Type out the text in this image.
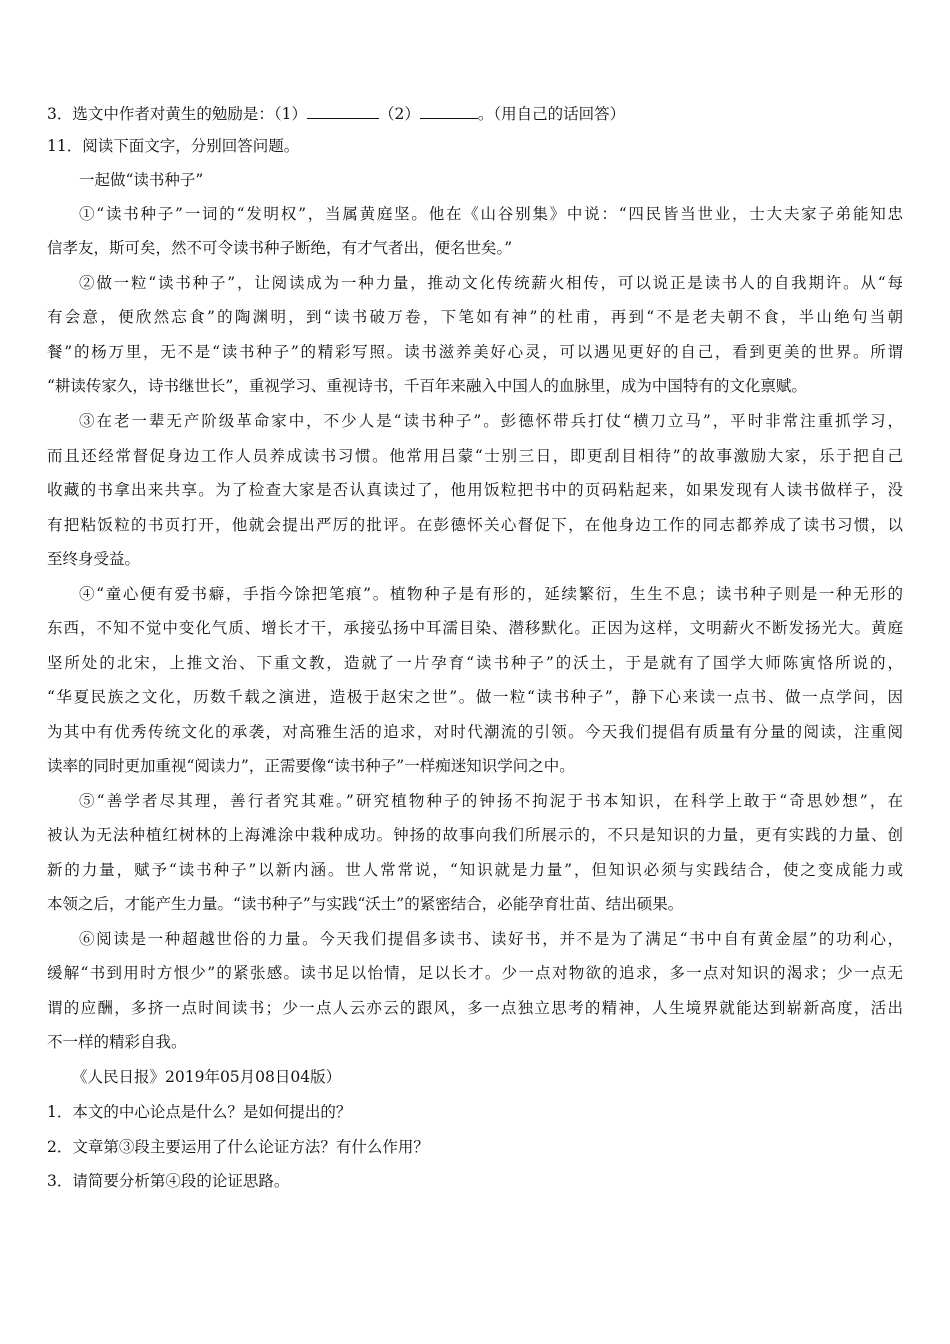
3．选文中作者对黄生的勉励是：（1）	（2）	。（用自己的话回答）
11．阅读下面文字，分别回答问题。
一起做“读书种子”
①“读书种子”一词的“发明权”，当属黄庭坚。他在《山谷别集》中说：“四民皆当世业，士大夫家子弟能知忠
信孝友，斯可矣，然不可令读书种子断绝，有才气者出，便名世矣。”
②做一粒“读书种子”，让阅读成为一种力量，推动文化传统薪火相传，可以说正是读书人的自我期许。从“每
有会意，便欣然忘食”的陶渊明，到“读书破万卷，下笔如有神”的杜甫，再到“不是老夫朝不食，半山绝句当朝
餐”的杨万里，无不是“读书种子”的精彩写照。读书滋养美好心灵，可以遇见更好的自己，看到更美的世界。所谓
“耕读传家久，诗书继世长”，重视学习、重视诗书，千百年来融入中国人的血脉里，成为中国特有的文化禀赋。
③在老一辈无产阶级革命家中，不少人是“读书种子”。彭德怀带兵打仗“横刀立马”，平时非常注重抓学习，
而且还经常督促身边工作人员养成读书习惯。他常用吕蒙“士别三日，即更刮目相待”的故事激励大家，乐于把自己
收藏的书拿出来共享。为了检查大家是否认真读过了，他用饭粒把书中的页码粘起来，如果发现有人读书做样子，没
有把粘饭粒的书页打开，他就会提出严厉的批评。在彭德怀关心督促下，在他身边工作的同志都养成了读书习惯，以
至终身受益。
④“童心便有爱书癖，手指今馀把笔痕”。植物种子是有形的，延续繁衍，生生不息；读书种子则是一种无形的
东西，不知不觉中变化气质、增长才干，承接弘扬中耳濡目染、潜移默化。正因为这样，文明薪火不断发扬光大。黄庭
坚所处的北宋，上推文治、下重文教，造就了一片孕育“读书种子”的沃土，于是就有了国学大师陈寅恪所说的，
“华夏民族之文化，历数千载之演进，造极于赵宋之世”。做一粒“读书种子”，静下心来读一点书、做一点学问，因
为其中有优秀传统文化的承袭，对高雅生活的追求，对时代潮流的引领。今天我们提倡有质量有分量的阅读，注重阅
读率的同时更加重视“阅读力”，正需要像“读书种子”一样痴迷知识学问之中。
⑤“善学者尽其理，善行者究其难。”研究植物种子的钟扬不拘泥于书本知识，在科学上敢于“奇思妙想”，在
被认为无法种植红树林的上海滩涂中栽种成功。钟扬的故事向我们所展示的，不只是知识的力量，更有实践的力量、创
新的力量，赋予“读书种子”以新内涵。世人常常说，“知识就是力量”，但知识必须与实践结合，使之变成能力或
本领之后，才能产生力量。“读书种子”与实践“沃土”的紧密结合，必能孕育壮苗、结出硕果。
⑥阅读是一种超越世俗的力量。今天我们提倡多读书、读好书，并不是为了满足“书中自有黄金屋”的功利心，
缓解“书到用时方恨少”的紧张感。读书足以怡情，足以长才。少一点对物欲的追求，多一点对知识的渴求；少一点无
谓的应酬，多挤一点时间读书；少一点人云亦云的跟风，多一点独立思考的精神，人生境界就能达到崭新高度，活出
不一样的精彩自我。
《人民日报》2019年05月08日04版）
1．本文的中心论点是什么？是如何提出的？
2．文章第③段主要运用了什么论证方法？有什么作用？
3．请简要分析第④段的论证思路。
